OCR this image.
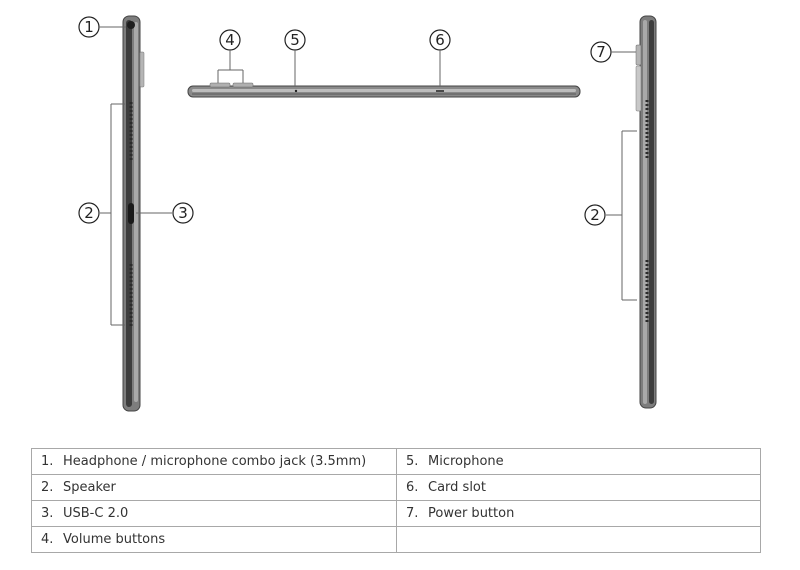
1
2	3
4	5	6
7
2
1. Headphone / microphone combo jack (3.5mm)	5. Microphone
2. Speaker	6. Card slot
3. USB-C 2.0	7. Power button
4. Volume buttons	
